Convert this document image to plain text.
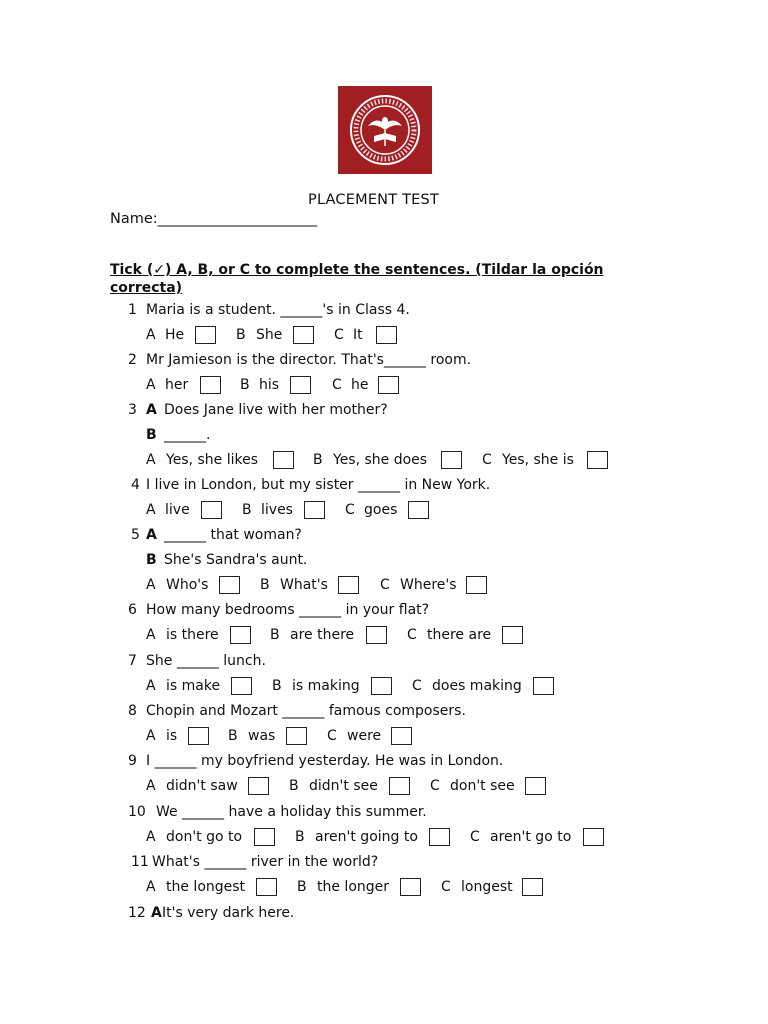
PLACEMENT TEST
Name:______________________
Tick (✓) A, B, or C to complete the sentences. (Tildar la opción
correcta)
1 Maria is a student. ______'s in Class 4.
A He	B She	C It
2 Mr Jamieson is the director. That's______ room.
A her	B his	C he
3 A Does Jane live with her mother?
B ______.
A Yes, she likes	B Yes, she does	C Yes, she is
4 I live in London, but my sister ______ in New York.
A live	B lives	C goes
5 A ______ that woman?
B She's Sandra's aunt.
A Who's	B What's	C Where's
6 How many bedrooms ______ in your flat?
A is there	B are there	C there are
7 She ______ lunch.
A is make	B is making	C does making
8 Chopin and Mozart ______ famous composers.
A is	B was	C were
9 I ______ my boyfriend yesterday. He was in London.
A didn't saw	B didn't see	C don't see
10 We ______ have a holiday this summer.
A don't go to	B aren't going to	C aren't go to
11 What's ______ river in the world?
A the longest	B the longer	C longest
12 A It's very dark here.
